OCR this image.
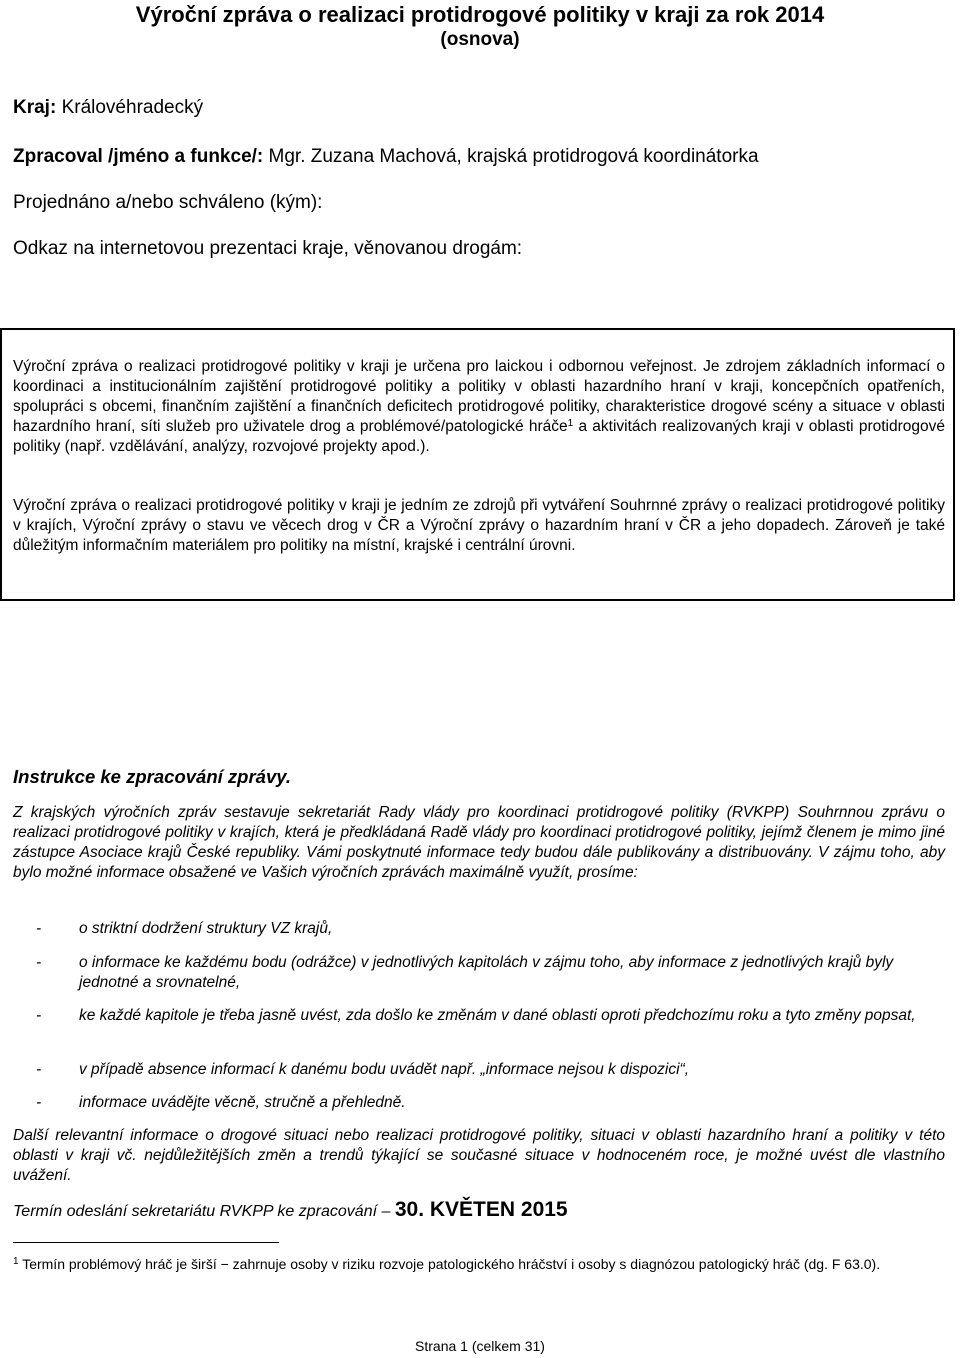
Výroční zpráva o realizaci protidrogové politiky v kraji za rok 2014
(osnova)
Kraj: Královéhradecký
Zpracoval /jméno a funkce/: Mgr. Zuzana Machová, krajská protidrogová koordinátorka
Projednáno a/nebo schváleno (kým):
Odkaz na internetovou prezentaci kraje, věnovanou drogám:
Výroční zpráva o realizaci protidrogové politiky v kraji je určena pro laickou i odbornou veřejnost. Je zdrojem základních informací o koordinaci a institucionálním zajištění protidrogové politiky a politiky v oblasti hazardního hraní v kraji, koncepčních opatřeních, spolupráci s obcemi, finančním zajištění a finančních deficitech protidrogové politiky, charakteristice drogové scény a situace v oblasti hazardního hraní, síti služeb pro uživatele drog a problémové/patologické hráče$^1$ a aktivitách realizovaných kraji v oblasti protidrogové politiky (např. vzdělávání, analýzy, rozvojové projekty apod.).
Výroční zpráva o realizaci protidrogové politiky v kraji je jedním ze zdrojů při vytváření Souhrnné zprávy o realizaci protidrogové politiky v krajích, Výroční zprávy o stavu ve věcech drog v ČR a Výroční zprávy o hazardním hraní v ČR a jeho dopadech. Zároveň je také důležitým informačním materiálem pro politiky na místní, krajské i centrální úrovni.
Instrukce ke zpracování zprávy.
Z krajských výročních zpráv sestavuje sekretariát Rady vlády pro koordinaci protidrogové politiky (RVKPP) Souhrnnou zprávu o realizaci protidrogové politiky v krajích, která je předkládaná Radě vlády pro koordinaci protidrogové politiky, jejímž členem je mimo jiné zástupce Asociace krajů České republiky. Vámi poskytnuté informace tedy budou dále publikovány a distribuovány. V zájmu toho, aby bylo možné informace obsažené ve Vašich výročních zprávách maximálně využít, prosíme:
- o striktní dodržení struktury VZ krajů,
- o informace ke každému bodu (odrážce) v jednotlivých kapitolách v zájmu toho, aby informace z jednotlivých krajů byly jednotné a srovnatelné,
- ke každé kapitole je třeba jasně uvést, zda došlo ke změnám v dané oblasti oproti předchozímu roku a tyto změny popsat,
- v případě absence informací k danému bodu uvádět např. „informace nejsou k dispozici“,
- informace uvádějte věcně, stručně a přehledně.
Další relevantní informace o drogové situaci nebo realizaci protidrogové politiky, situaci v oblasti hazardního hraní a politiky v této oblasti v kraji vč. nejdůležitějších změn a trendů týkající se současné situace v hodnoceném roce, je možné uvést dle vlastního uvážení.
Termín odeslání sekretariátu RVKPP ke zpracování – 30. KVĚTEN 2015
$^1$ Termín problémový hráč je širší − zahrnuje osoby v riziku rozvoje patologického hráčství i osoby s diagnózou patologický hráč (dg. F 63.0).
Strana 1 (celkem 31)
